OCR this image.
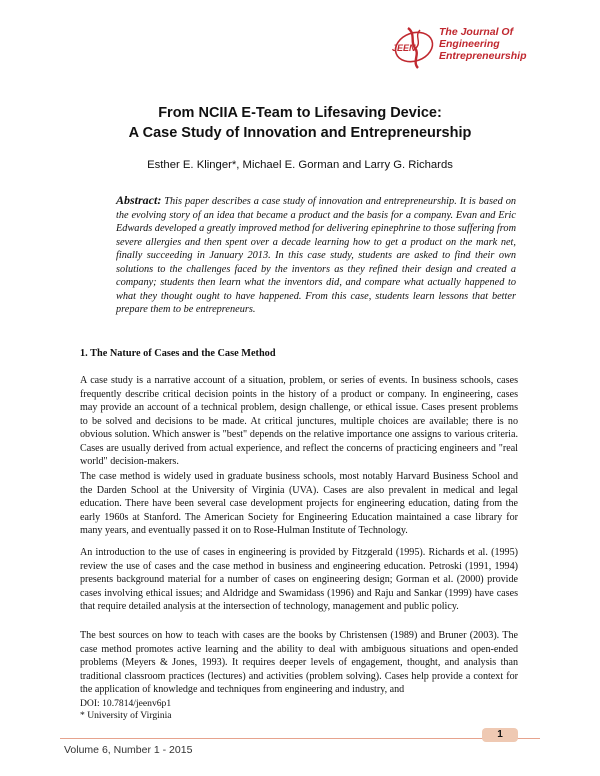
JEEN
The Journal Of
Engineering
Entrepreneurship
From NCIIA E-Team to Lifesaving Device:
A Case Study of Innovation and Entrepreneurship
Esther E. Klinger*, Michael E. Gorman and Larry G. Richards
Abstract: This paper describes a case study of innovation and entrepreneurship. It is based on the evolving story of an idea that became a product and the basis for a company. Evan and Eric Edwards developed a greatly improved method for delivering epinephrine to those suffering from severe allergies and then spent over a decade learning how to get a product on the mark net, finally succeeding in January 2013. In this case study, students are asked to find their own solutions to the challenges faced by the inventors as they refined their design and created a company; students then learn what the inventors did, and compare what actually happened to what they thought ought to have happened. From this case, students learn lessons that better prepare them to be entrepreneurs.
1. The Nature of Cases and the Case Method

A case study is a narrative account of a situation, problem, or series of events. In business schools, cases frequently describe critical decision points in the history of a product or company. In engineering, cases may provide an account of a technical problem, design challenge, or ethical issue. Cases present problems to be solved and decisions to be made. At critical junctures, multiple choices are available; there is no obvious solution. Which answer is "best" depends on the relative importance one assigns to various criteria. Cases are usually derived from actual experience, and reflect the concerns of practicing engineers and "real world" decision-makers.

The case method is widely used in graduate business schools, most notably Harvard Business School and the Darden School at the University of Virginia (UVA). Cases are also prevalent in medical and legal education. There have been several case development projects for engineering education, dating from the early 1960s at Stanford. The American Society for Engineering Education maintained a case library for many years, and eventually passed it on to Rose-Hulman Institute of Technology.

An introduction to the use of cases in engineering is provided by Fitzgerald (1995). Richards et al. (1995) review the use of cases and the case method in business and engineering education. Petroski (1991, 1994) presents background material for a number of cases on engineering design; Gorman et al. (2000) provide cases involving ethical issues; and Aldridge and Swamidass (1996) and Raju and Sankar (1999) have cases that require detailed analysis at the intersection of technology, management and public policy.

The best sources on how to teach with cases are the books by Christensen (1989) and Bruner (2003). The case method promotes active learning and the ability to deal with ambiguous situations and open-ended problems (Meyers & Jones, 1993). It requires deeper levels of engagement, thought, and analysis than traditional classroom practices (lectures) and activities (problem solving). Cases help provide a context for the application of knowledge and techniques from engineering and industry, and

DOI: 10.7814/jeenv6p1
* University of Virginia
Volume 6, Number 1 - 2015
1
